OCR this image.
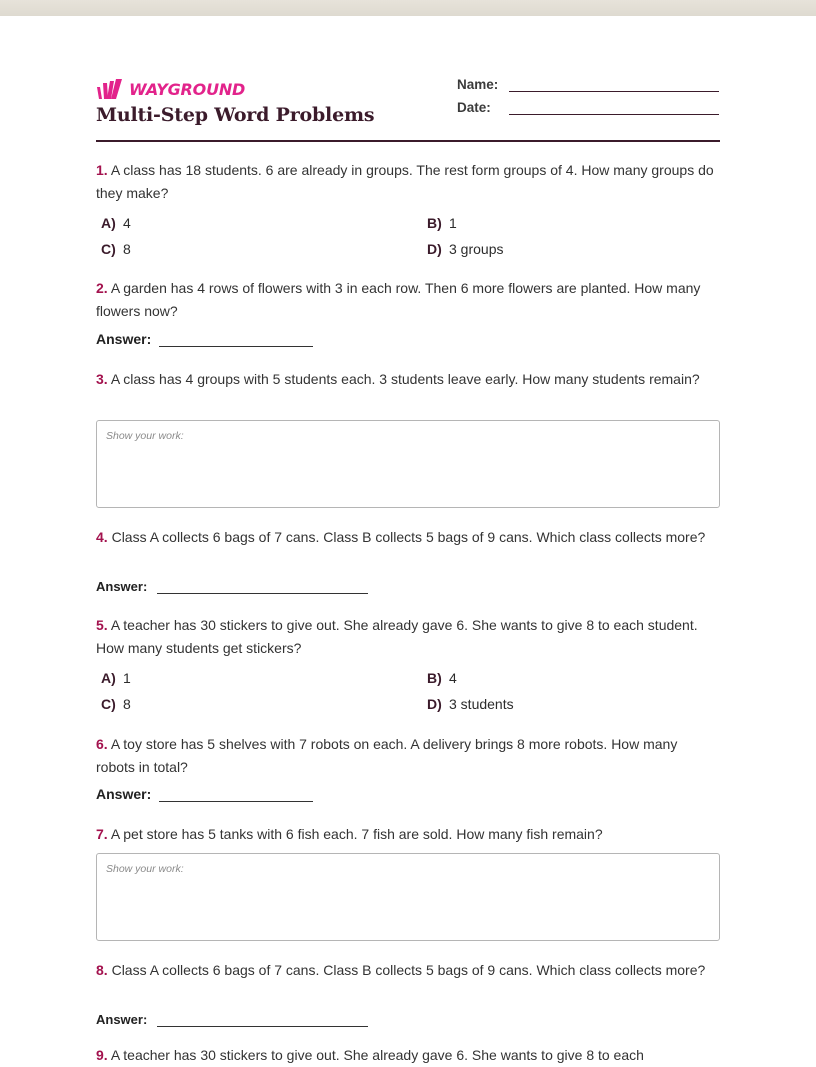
WAYGROUND
Multi-Step Word Problems
Name:
Date:
1. A class has 18 students. 6 are already in groups. The rest form groups of 4. How many groups do they make?
A) 4	B) 1
C) 8	D) 3 groups
2. A garden has 4 rows of flowers with 3 in each row. Then 6 more flowers are planted. How many flowers now?
Answer:
3. A class has 4 groups with 5 students each. 3 students leave early. How many students remain?
Show your work:
4. Class A collects 6 bags of 7 cans. Class B collects 5 bags of 9 cans. Which class collects more?
Answer:
5. A teacher has 30 stickers to give out. She already gave 6. She wants to give 8 to each student. How many students get stickers?
A) 1	B) 4
C) 8	D) 3 students
6. A toy store has 5 shelves with 7 robots on each. A delivery brings 8 more robots. How many robots in total?
Answer:
7. A pet store has 5 tanks with 6 fish each. 7 fish are sold. How many fish remain?
Show your work:
8. Class A collects 6 bags of 7 cans. Class B collects 5 bags of 9 cans. Which class collects more?
Answer:
9. A teacher has 30 stickers to give out. She already gave 6. She wants to give 8 to each
